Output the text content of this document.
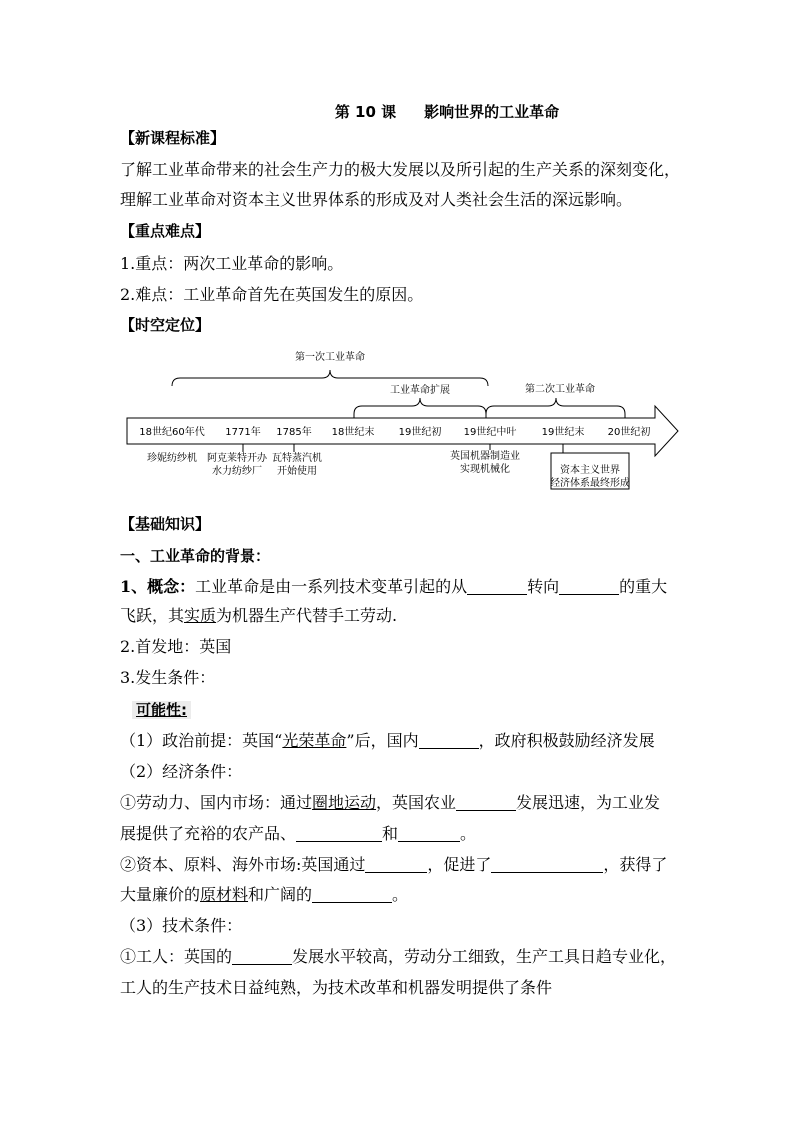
第 10 课 影响世界的工业革命
【新课程标准】
了解工业革命带来的社会生产力的极大发展以及所引起的生产关系的深刻变化，
理解工业革命对资本主义世界体系的形成及对人类社会生活的深远影响。
【重点难点】
1.重点：两次工业革命的影响。
2.难点：工业革命首先在英国发生的原因。
【时空定位】
第一次工业革命
工业革命扩展	第二次工业革命
18世纪60年代 1771年 1785年 18世纪末 19世纪初 19世纪中叶	19世纪末 20世纪初
珍妮纺纱机 阿克莱特开办
水力纺纱厂
瓦特蒸汽机
开始使用
英国机器制造业
实现机械化	资本主义世界
经济体系最终形成
【基础知识】
一、工业革命的背景：
1、概念：工业革命是由一系列技术变革引起的从	转向	的重大
飞跃，其实质为机器生产代替手工劳动.
2.首发地：英国
3.发生条件：
可能性:
（1）政治前提：英国“光荣革命”后，国内	，政府积极鼓励经济发展
（2）经济条件：
①劳动力、国内市场：通过圈地运动，英国农业	发展迅速，为工业发
展提供了充裕的农产品、	和	。
②资本、原料、海外市场:英国通过	，促进了	，获得了
大量廉价的原材料和广阔的	。
（3）技术条件：
①工人：英国的	发展水平较高，劳动分工细致，生产工具日趋专业化，
工人的生产技术日益纯熟，为技术改革和机器发明提供了条件
